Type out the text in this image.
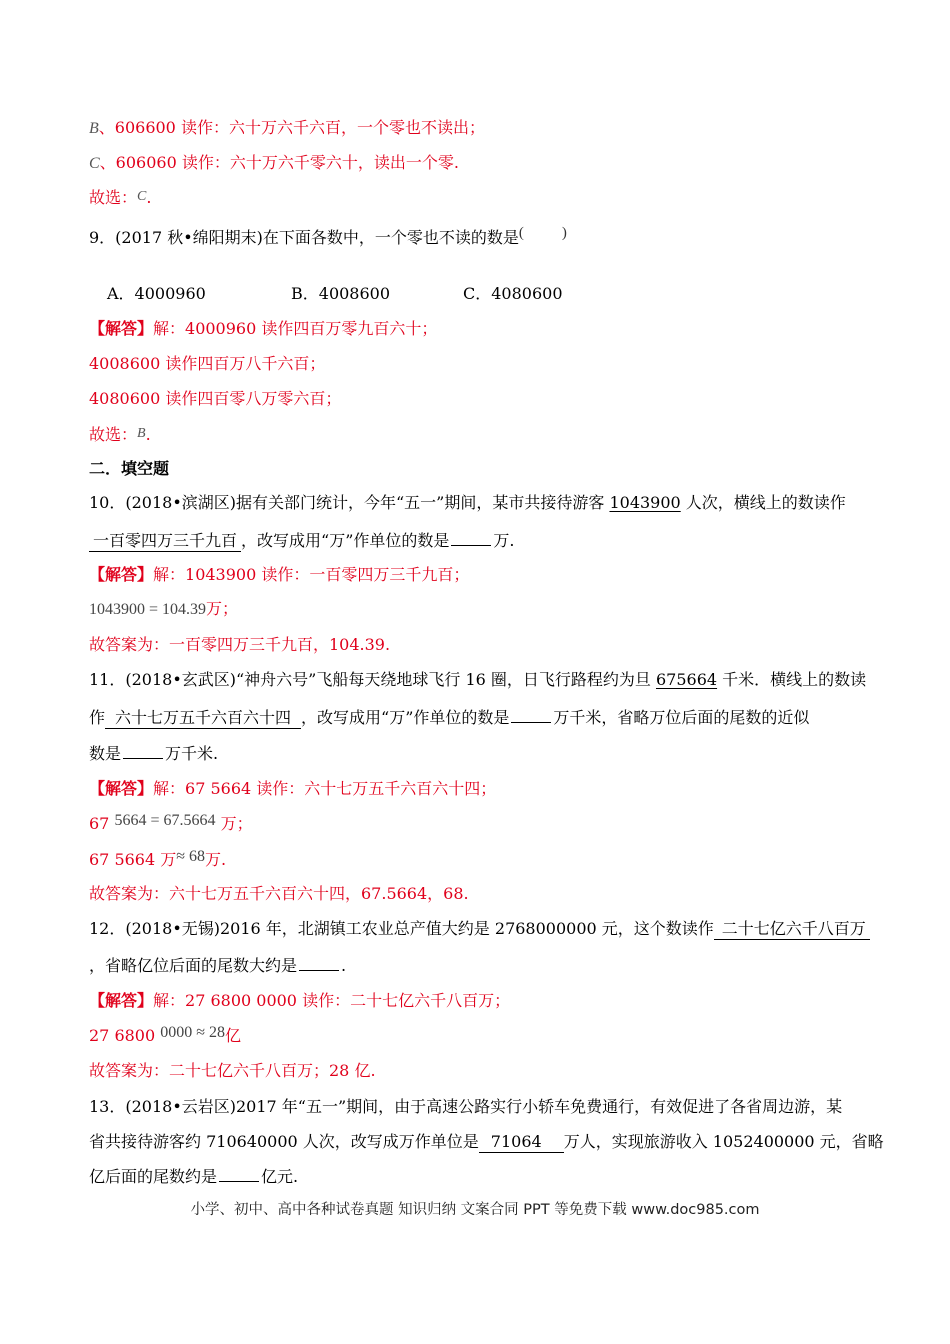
B、606600 读作：六十万六千六百，一个零也不读出；
C、606060 读作：六十万六千零六十，读出一个零.
故选：C.
9．(2017 秋•绵阳期末)在下面各数中，一个零也不读的数是(	)
A．4000960	B．4008600	C．4080600
【解答】解：4000960 读作四百万零九百六十；
4008600 读作四百万八千六百；
4080600 读作四百零八万零六百；
故选：B.
二．填空题
10．(2018•滨湖区)据有关部门统计，今年“五一”期间，某市共接待游客 1043900 人次，横线上的数读作
一百零四万三千九百 ，改写成用“万”作单位的数是	万.
【解答】解：1043900 读作：一百零四万三千九百；
1043900 = 104.39万；
故答案为：一百零四万三千九百，104.39.
11．(2018•玄武区)“神舟六号”飞船每天绕地球飞行 16 圈，日飞行路程约为旦 675664 千米．横线上的数读
作 六十七万五千六百六十四 ，改写成用“万”作单位的数是	万千米，省略万位后面的尾数的近似
数是	万千米.
【解答】解：67 5664 读作：六十七万五千六百六十四；
67 5664 = 67.5664 万；
67 5664 万≈ 68万.
故答案为：六十七万五千六百六十四，67.5664，68.
12．(2018•无锡)2016 年，北湖镇工农业总产值大约是 2768000000 元，这个数读作 二十七亿六千八百万
，省略亿位后面的尾数大约是	.
【解答】解：27 6800 0000 读作：二十七亿六千八百万；
27 6800 0000 ≈ 28亿
故答案为：二十七亿六千八百万；28 亿.
13．(2018•云岩区)2017 年“五一”期间，由于高速公路实行小轿车免费通行，有效促进了各省周边游，某
省共接待游客约 710640000 人次，改写成万作单位是 71064 万人，实现旅游收入 1052400000 元，省略
亿后面的尾数约是	亿元.
小学、初中、高中各种试卷真题 知识归纳 文案合同 PPT 等免费下载 www.doc985.com
